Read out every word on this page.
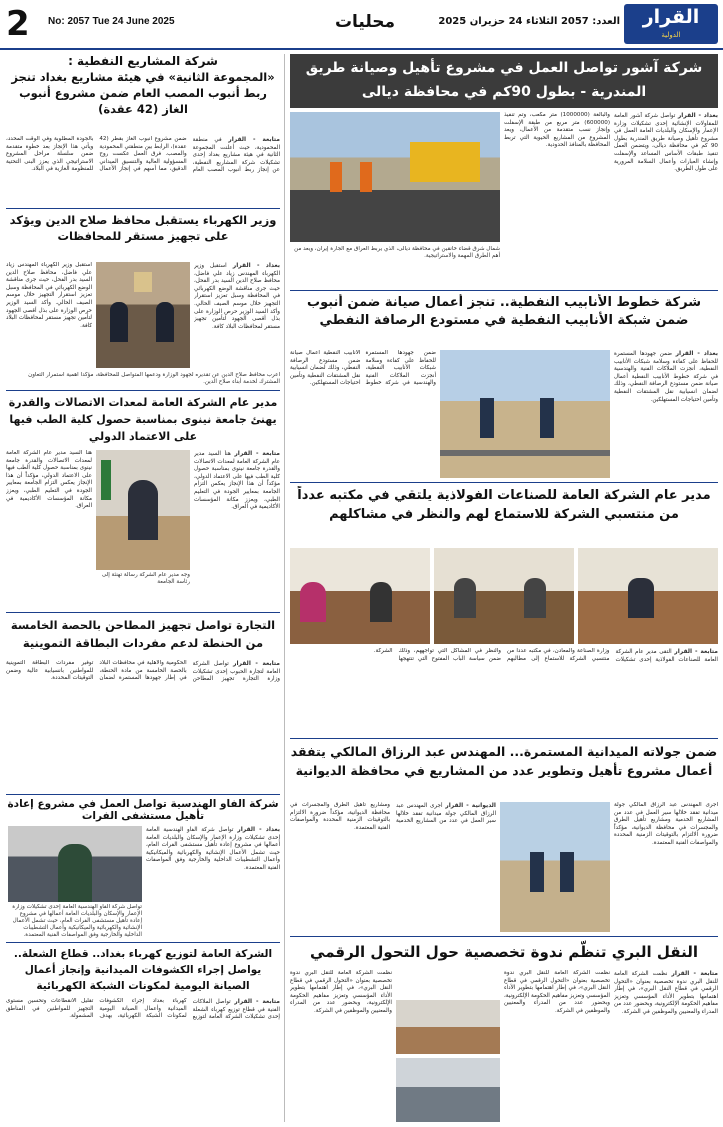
2	No: 2057 Tue 24 June 2025	محليات	العدد: 2057 الثلاثاء 24 حزيران 2025	القرار
الدولية
شركة المشاريع النفطية :
«المجموعة الثانية» في هيئة مشاريع بغداد تنجز ربط أنبوب المصب العام ضمن مشروع أنبوب الغاز (42 عقدة)
متابعة - القرار في منطقة المحمودية، حيث أعلنت المجموعة الثانية في هيئة مشاريع بغداد إحدى تشكيلات شركة المشاريع النفطية، عن إنجاز ربط أنبوب المصب العام ضمن مشروع أنبوب الغاز بقطر (42 عقدة)، الرابط بين منطقتي المحمودية والمصب. فرق العمل عكست روح المسؤولية العالية والتنسيق الميداني الدقيق، مما أسهم في إنجاز الأعمال بالجودة المطلوبة وفي الوقت المحدد، ويأتي هذا الإنجاز بعد خطوة متقدمة ضمن سلسلة مراحل المشروع الاستراتيجي الذي يعزز البنى التحتية للمنظومة الغازية في البلاد.
وزير الكهرباء يستقبل محافظ صلاح الدين ويؤكد على تجهيز مستقر للمحافظات
بغداد - القرار استقبل وزير الكهرباء المهندس زياد علي فاضل، محافظ صلاح الدين السيد بدر الفحل، حيث جرى مناقشة الوضع الكهربائي في المحافظة وسبل تعزيز استقرار التجهيز خلال موسم الصيف الحالي. وأكد السيد الوزير حرص الوزارة على بذل أقصى الجهود لتأمين تجهيز مستقر لمحافظات البلاد كافة.
استقبل وزير الكهرباء المهندس زياد علي فاضل، محافظ صلاح الدين السيد بدر الفحل، حيث جرى مناقشة الوضع الكهربائي في المحافظة وسبل تعزيز استقرار التجهيز خلال موسم الصيف الحالي. وأكد السيد الوزير حرص الوزارة على بذل أقصى الجهود لتأمين تجهيز مستقر لمحافظات البلاد كافة.
أعرب محافظ صلاح الدين عن تقديره لجهود الوزارة ودعمها المتواصل للمحافظة، مؤكداً أهمية استمرار التعاون المشترك لخدمة أبناء صلاح الدين.
مدير عام الشركة العامة لمعدات الاتصالات والقدرة يهنئ جامعة نينوى بمناسبة حصول كلية الطب فيها على الاعتماد الدولي
متابعة - القرار هنأ السيد مدير عام الشركة العامة لمعدات الاتصالات والقدرة جامعة نينوى بمناسبة حصول كلية الطب فيها على الاعتماد الدولي، مؤكداً أن هذا الإنجاز يعكس التزام الجامعة بمعايير الجودة في التعليم الطبي، ويعزز مكانة المؤسسات الأكاديمية في العراق.
هنأ السيد مدير عام الشركة العامة لمعدات الاتصالات والقدرة جامعة نينوى بمناسبة حصول كلية الطب فيها على الاعتماد الدولي، مؤكداً أن هذا الإنجاز يعكس التزام الجامعة بمعايير الجودة في التعليم الطبي، ويعزز مكانة المؤسسات الأكاديمية في العراق.
وجه مدير عام الشركة رسالة تهنئة إلى رئاسة الجامعة
التجارة تواصل تجهيز المطاحن بالحصة الخامسة من الحنطة لدعم مفردات البطاقة التموينية
متابعة - القرار تواصل الشركة العامة لتجارة الحبوب إحدى تشكيلات وزارة التجارة تجهيز المطاحن الحكومية والأهلية في محافظات البلاد بالحصة الخامسة من مادة الحنطة، في إطار جهودها المستمرة لضمان توفير مفردات البطاقة التموينية للمواطنين بانسيابية عالية وضمن التوقيتات المحددة.
شركة الفاو الهندسية تواصل العمل في مشروع إعادة تأهيل مستشفى الفرات
بغداد - القرار تواصل شركة الفاو الهندسية العامة إحدى تشكيلات وزارة الإعمار والإسكان والبلديات العامة أعمالها في مشروع إعادة تأهيل مستشفى الفرات العام، حيث تشمل الأعمال الإنشائية والكهربائية والميكانيكية وأعمال التشطيبات الداخلية والخارجية وفق المواصفات الفنية المعتمدة.
تواصل شركة الفاو الهندسية العامة إحدى تشكيلات وزارة الإعمار والإسكان والبلديات العامة أعمالها في مشروع إعادة تأهيل مستشفى الفرات العام، حيث تشمل الأعمال الإنشائية والكهربائية والميكانيكية وأعمال التشطيبات الداخلية والخارجية وفق المواصفات الفنية المعتمدة.
الشركة العامة لتوزيع كهرباء بغداد.. قطاع الشعلة.. يواصل إجراء الكشوفات الميدانية وإنجاز أعمال الصيانة اليومية لمكونات الشبكة الكهربائية
متابعة - القرار تواصل الملاكات الفنية في قطاع توزيع كهرباء الشعلة إحدى تشكيلات الشركة العامة لتوزيع كهرباء بغداد إجراء الكشوفات الميدانية وأعمال الصيانة اليومية لمكونات الشبكة الكهربائية، بهدف تقليل الانقطاعات وتحسين مستوى التجهيز للمواطنين في المناطق المشمولة.
شركة آشور تواصل العمل في مشروع تأهيل وصيانة طريق المندرية - بطول 90كم في محافظة ديالى
بغداد - القرار تواصل شركة آشور العامة للمقاولات الإنشائية إحدى تشكيلات وزارة الإعمار والإسكان والبلديات العامة العمل في مشروع تأهيل وصيانة طريق المندرية بطول 90 كم في محافظة ديالى، ويتضمن العمل تنفيذ طبقات الأساس المساعد والإسفلت وإنشاء العبارات وأعمال السلامة المرورية على طول الطريق.
والبالغة (1000000) متر مكعب، وتم تنفيذ (600000) متر مربع من طبقة الإسفلت وإنجاز نسب متقدمة من الأعمال، ويعد المشروع من المشاريع الحيوية التي تربط المحافظة بالمنافذ الحدودية.
شمال شرق قضاء خانقين في محافظة ديالى، الذي يربط العراق مع الجارة إيران، ويعد من أهم الطرق المهمة والاستراتيجية.
شركة خطوط الأنابيب النفطية.. تنجز أعمال صيانة ضمن أنبوب ضمن شبكة الأنابيب النفطية في مستودع الرصافة النفطي
بغداد - القرار ضمن جهودها المستمرة للحفاظ على كفاءة وسلامة شبكات الأنابيب النفطية، أنجزت الملاكات الفنية والهندسية في شركة خطوط الأنابيب النفطية أعمال صيانة ضمن مستودع الرصافة النفطي، وذلك لضمان انسيابية نقل المشتقات النفطية وتأمين احتياجات المستهلكين.
ضمن جهودها المستمرة للحفاظ على كفاءة وسلامة شبكات الأنابيب النفطية، أنجزت الملاكات الفنية والهندسية في شركة خطوط الأنابيب النفطية أعمال صيانة ضمن مستودع الرصافة النفطي، وذلك لضمان انسيابية نقل المشتقات النفطية وتأمين احتياجات المستهلكين.
مدير عام الشركة العامة للصناعات الفولاذية يلتقي في مكتبه عدداً من منتسبي الشركة للاستماع لهم والنظر في مشاكلهم
متابعة - القرار التقى مدير عام الشركة العامة للصناعات الفولاذية إحدى تشكيلات وزارة الصناعة والمعادن، في مكتبه عدداً من منتسبي الشركة للاستماع إلى مطالبهم والنظر في المشاكل التي تواجههم، وذلك ضمن سياسة الباب المفتوح التي تنتهجها الشركة.
ضمن جولاته الميدانية المستمرة... المهندس عبد الرزاق المالكي يتفقد أعمال مشروع تأهيل وتطوير عدد من المشاريع في محافظة الديوانية
أجرى المهندس عبد الرزاق المالكي جولة ميدانية تفقد خلالها سير العمل في عدد من المشاريع الخدمية ومشاريع تأهيل الطرق والمجسرات في محافظة الديوانية، مؤكداً ضرورة الالتزام بالتوقيتات الزمنية المحددة والمواصفات الفنية المعتمدة.
الديوانية - القرار أجرى المهندس عبد الرزاق المالكي جولة ميدانية تفقد خلالها سير العمل في عدد من المشاريع الخدمية ومشاريع تأهيل الطرق والمجسرات في محافظة الديوانية، مؤكداً ضرورة الالتزام بالتوقيتات الزمنية المحددة والمواصفات الفنية المعتمدة.
النقل البري تنظّم ندوة تخصصية حول التحول الرقمي
متابعة - القرار نظمت الشركة العامة للنقل البري ندوة تخصصية بعنوان «التحول الرقمي في قطاع النقل البري»، في إطار اهتمامها بتطوير الأداء المؤسسي وتعزيز مفاهيم الحكومة الإلكترونية، وبحضور عدد من المدراء والمعنيين والموظفين في الشركة.
نظمت الشركة العامة للنقل البري ندوة تخصصية بعنوان «التحول الرقمي في قطاع النقل البري»، في إطار اهتمامها بتطوير الأداء المؤسسي وتعزيز مفاهيم الحكومة الإلكترونية، وبحضور عدد من المدراء والمعنيين والموظفين في الشركة.
نظمت الشركة العامة للنقل البري ندوة تخصصية بعنوان «التحول الرقمي في قطاع النقل البري»، في إطار اهتمامها بتطوير الأداء المؤسسي وتعزيز مفاهيم الحكومة الإلكترونية، وبحضور عدد من المدراء والمعنيين والموظفين في الشركة.
